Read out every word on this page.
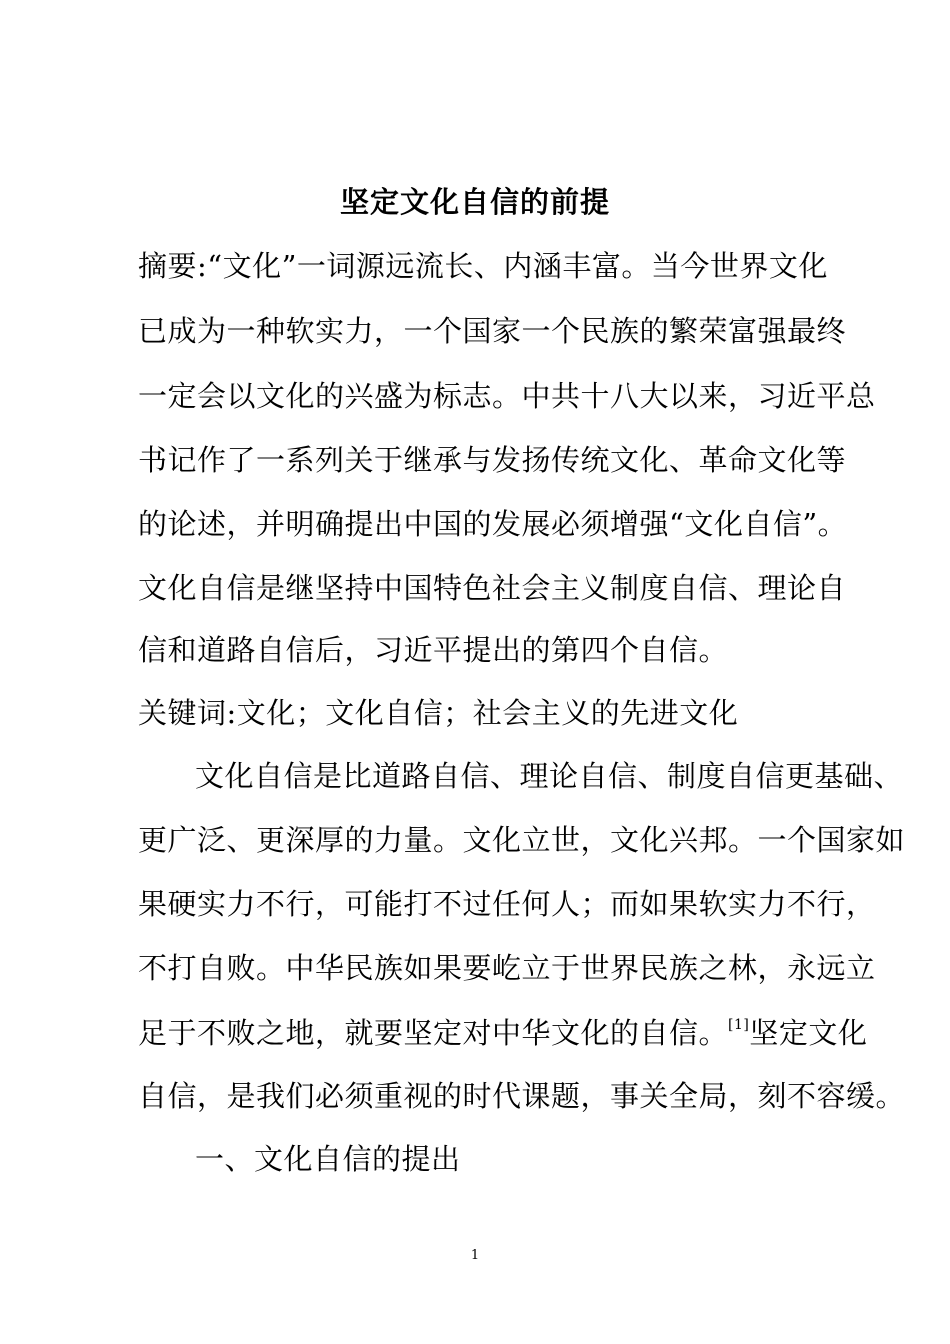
坚定文化自信的前提
摘要:“文化”一词源远流长、内涵丰富。当今世界文化
已成为一种软实力，一个国家一个民族的繁荣富强最终
一定会以文化的兴盛为标志。中共十八大以来，习近平总
书记作了一系列关于继承与发扬传统文化、革命文化等
的论述，并明确提出中国的发展必须增强“文化自信”。
文化自信是继坚持中国特色社会主义制度自信、理论自
信和道路自信后，习近平提出的第四个自信。
关键词:文化；文化自信；社会主义的先进文化
文化自信是比道路自信、理论自信、制度自信更基础、
更广泛、更深厚的力量。文化立世，文化兴邦。一个国家如
果硬实力不行，可能打不过任何人；而如果软实力不行，
不打自败。中华民族如果要屹立于世界民族之林，永远立
足于不败之地，就要坚定对中华文化的自信。[1]坚定文化
自信，是我们必须重视的时代课题，事关全局，刻不容缓。
一、文化自信的提出
1
